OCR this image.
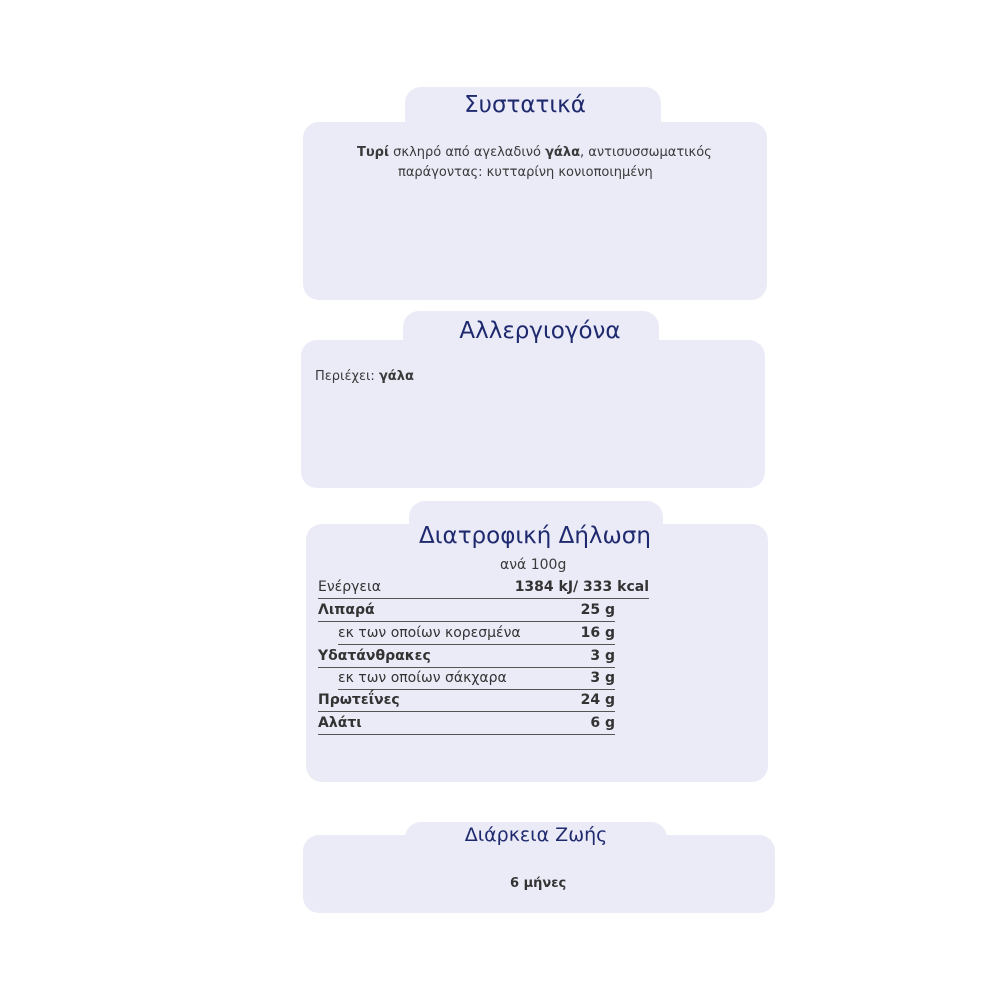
Συστατικά
Τυρί σκληρό από αγελαδινό γάλα, αντισυσσωματικός
παράγοντας: κυτταρίνη κονιοποιημένη
Αλλεργιογόνα
Περιέχει: γάλα
Διατροφική Δήλωση
ανά 100g
Ενέργεια	1384 kJ/ 333 kcal
Λιπαρά	25 g
εκ των οποίων κορεσμένα	16 g
Υδατάνθρακες	3 g
εκ των οποίων σάκχαρα	3 g
Πρωτεΐνες	24 g
Αλάτι	6 g
Διάρκεια Ζωής
6 μήνες
